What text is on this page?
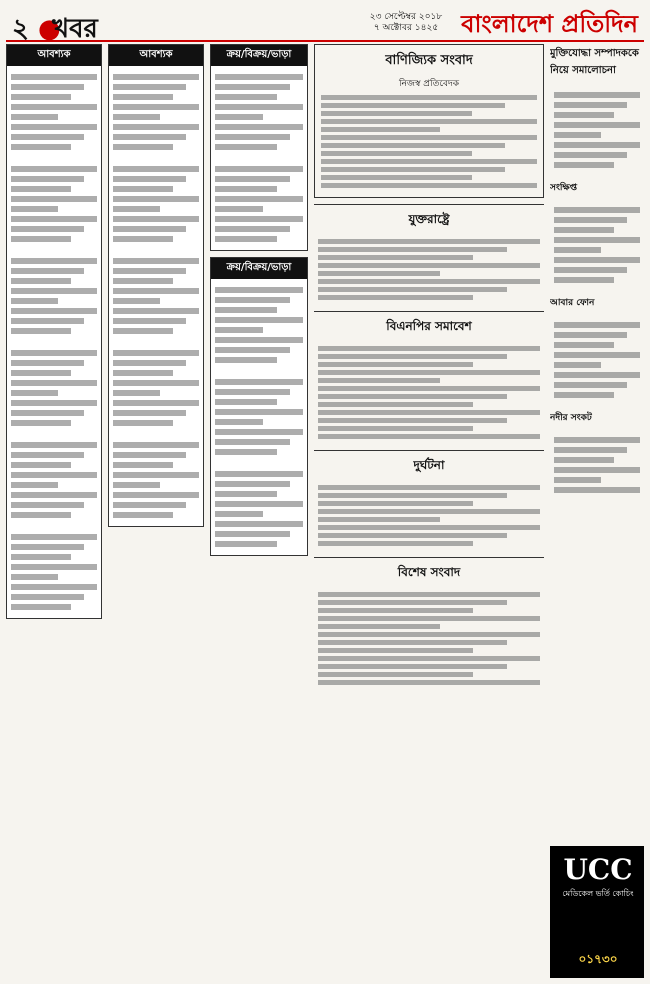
২ ●
খবর	২৩ সেপ্টেম্বর ২০১৮
৭ অক্টোবর ১৪২৫ বাংলাদেশ প্রতিদিন
আবশ্যক	আবশ্যক	ক্রয়/বিক্রয়/ভাড়া
ক্রয়/বিক্রয়/ভাড়া
বাণিজ্যিক সংবাদ
নিজস্ব প্রতিবেদক
যুক্তরাষ্ট্রে
বিএনপির সমাবেশ
দুর্ঘটনা
বিশেষ সংবাদ
মুক্তিযোদ্ধা সম্পাদককে নিয়ে সমালোচনা
সংক্ষিপ্ত
আবার ফোন
নদীর সংকট
UCC
মেডিকেল ভর্তি কোচিং
০১৭৩০
